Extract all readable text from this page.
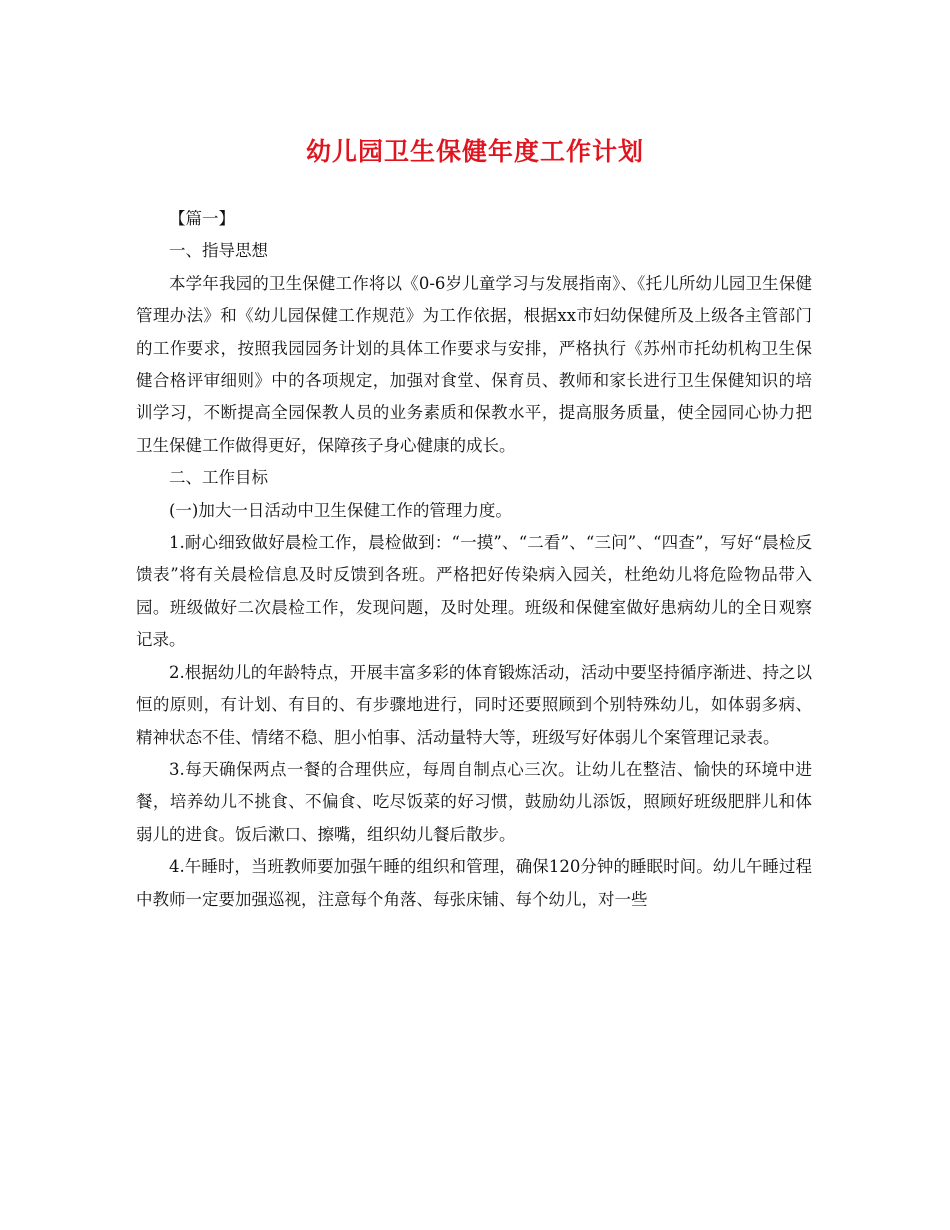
幼儿园卫生保健年度工作计划

【篇一】

一、指导思想

本学年我园的卫生保健工作将以《0-6岁儿童学习与发展指南》、《托儿所幼儿园卫生保健管理办法》和《幼儿园保健工作规范》为工作依据，根据xx市妇幼保健所及上级各主管部门的工作要求，按照我园园务计划的具体工作要求与安排，严格执行《苏州市托幼机构卫生保健合格评审细则》中的各项规定，加强对食堂、保育员、教师和家长进行卫生保健知识的培训学习，不断提高全园保教人员的业务素质和保教水平，提高服务质量，使全园同心协力把卫生保健工作做得更好，保障孩子身心健康的成长。

二、工作目标

(一)加大一日活动中卫生保健工作的管理力度。

1.耐心细致做好晨检工作，晨检做到：“一摸”、“二看”、“三问”、“四查”，写好“晨检反馈表”将有关晨检信息及时反馈到各班。严格把好传染病入园关，杜绝幼儿将危险物品带入园。班级做好二次晨检工作，发现问题，及时处理。班级和保健室做好患病幼儿的全日观察记录。

2.根据幼儿的年龄特点，开展丰富多彩的体育锻炼活动，活动中要坚持循序渐进、持之以恒的原则，有计划、有目的、有步骤地进行，同时还要照顾到个别特殊幼儿，如体弱多病、精神状态不佳、情绪不稳、胆小怕事、活动量特大等，班级写好体弱儿个案管理记录表。

3.每天确保两点一餐的合理供应，每周自制点心三次。让幼儿在整洁、愉快的环境中进餐，培养幼儿不挑食、不偏食、吃尽饭菜的好习惯，鼓励幼儿添饭，照顾好班级肥胖儿和体弱儿的进食。饭后漱口、擦嘴，组织幼儿餐后散步。

4.午睡时，当班教师要加强午睡的组织和管理，确保120分钟的睡眠时间。幼儿午睡过程中教师一定要加强巡视，注意每个角落、每张床铺、每个幼儿，对一些
